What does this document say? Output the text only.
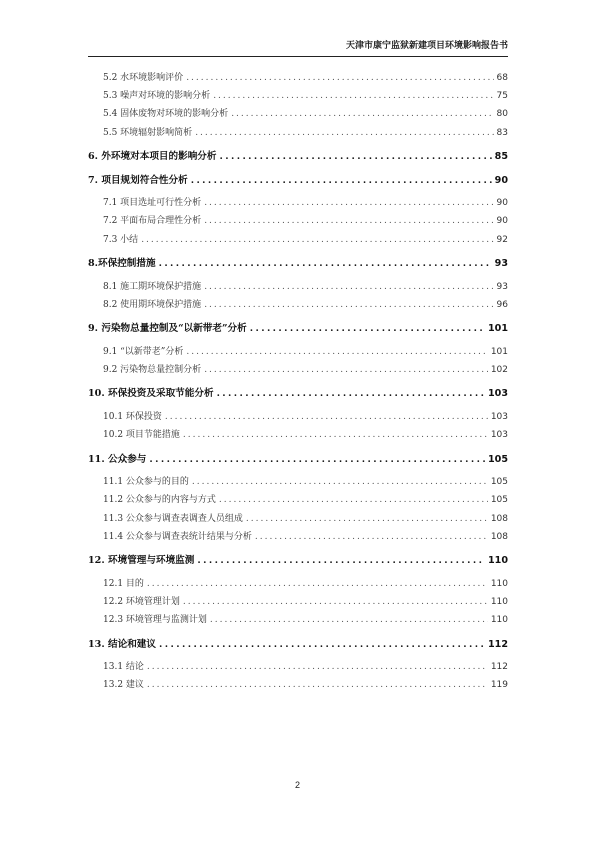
天津市康宁监狱新建项目环境影响报告书
5.2 水环境影响评价 .....	68
5.3 噪声对环境的影响分析 .....	75
5.4 固体废物对环境的影响分析 .....	80
5.5 环境辐射影响简析 .....	83
6. 外环境对本项目的影响分析 .....	85
7. 项目规划符合性分析 .....	90
7.1 项目选址可行性分析 .....	90
7.2 平面布局合理性分析 .....	90
7.3 小结 .....	92
8.环保控制措施 .....	93
8.1 施工期环境保护措施 .....	93
8.2 使用期环境保护措施 .....	96
9. 污染物总量控制及“以新带老”分析 .....	101
9.1 “以新带老”分析 .....	101
9.2 污染物总量控制分析 .....	102
10. 环保投资及采取节能分析 .....	103
10.1 环保投资 .....	103
10.2 项目节能措施 .....	103
11. 公众参与 .....	105
11.1 公众参与的目的 .....	105
11.2 公众参与的内容与方式 .....	105
11.3 公众参与调查表调查人员组成 .....	108
11.4 公众参与调查表统计结果与分析 .....	108
12. 环境管理与环境监测 .....	110
12.1 目的 .....	110
12.2 环境管理计划 .....	110
12.3 环境管理与监测计划 .....	110
13. 结论和建议 .....	112
13.1 结论 .....	112
13.2 建议 .....	119
2
